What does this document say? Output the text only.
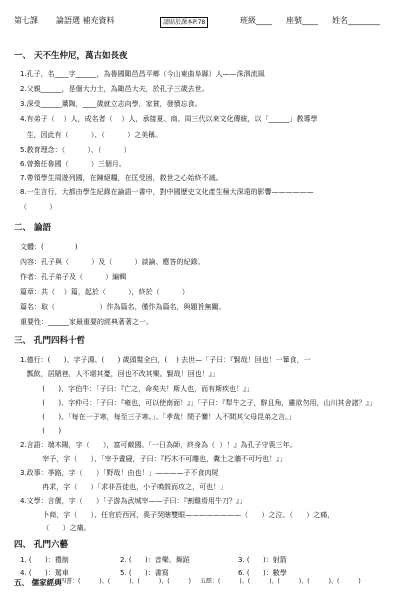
第七課 論語選 補充資料	請貼於課本P.78	班級____ 座號____ 姓名________
一、 天不生仲尼，萬古如長夜
1.孔子，名____字______，為魯國陬邑昌平鄉（今山東曲阜縣）人——洙泗流風
2.父親______，是個大力士，為陬邑大夫，於孔子三歲去世。
3.深受______薰陶，____歲就立志向學，家貧，發憤忘食。
4.有弟子（    ）人，成名者（    ）人，承接夏、商、周三代以來文化傳統，以「______」教導學
生，因此有（          ）、（          ）之美稱。
5.教育理念：（          ）、（          ）
6.曾擔任魯國（          ）三個月。
7.帶領學生周遊列國，在陳絕糧，在匡受困，救世之心始終不減。
8.一生言行，大都由學生紀錄在論語一書中，對中國歷史文化產生極大深遠的影響——————
（          ）
二、 論語
文體：(              )
內容：孔子與（          ）及（          ）談論、應答的紀錄。
作者：孔子弟子及（          ）編輯
篇章：共（    ）篇，起於（          ），終於（          ）
篇名：取（                    ）作為篇名，僅作為篇名，與題旨無關。
重要性：______家最重要的經典著著之一。
三、 孔門四科十哲
1.德行：(      )、字子淵、(      ) 歲頭髮全白，(    ) 去世—「子曰：『賢哉！回也！一簞食，一
瓢飲，居陋巷，人不堪其憂，回也不改其樂。賢哉！回也！』」
(      )、字伯牛：「子曰：『亡之，命矣夫！斯人也，而有斯疾也！』」
(      )、字仲弓：「子曰：『雍也，可以使南面！』」「子曰：『犁牛之子，騂且角，雖欲勿用，山川其舍諸？』」
(      )、「每在一子寒，每至三子寒。」、「孝哉！閔子騫！人不間其父母昆弟之言。」
(      )
2.言語：端木賜，字（      ），富可敵國。「一日為師，終身為（  ）！』為孔子守喪三年。
宰予，字（      ）、「宰予晝寢，子曰：『朽木不可雕也，糞土之牆不可圬也！』」
3.政事：季路，字（      ）「野哉！由也！」————子不食肉屍
冉求，字（      ）「求非吾徒也，小子鳴鼓而攻之，可也！」
4.文學：言偃，字（      ）「子游為武城宰——子曰：『割雞焉用牛刀？』」
卜商，字（      ）、任官於西河，喪子哭瞎雙眼————————（      ）之泣、（      ）之痛，
（      ）之痛。
四、 孔門六藝
1. (      )：禮制	2. (      )：音樂、舞蹈	3. (      )：射箭
4. (      )：駕車	5. (      )：書寫	6. (      )：數學
五、 儒家經典
四書：(          )、(          )、(          )、(          ) 五經：(          )、(          )、(          )、(          )、(          )
